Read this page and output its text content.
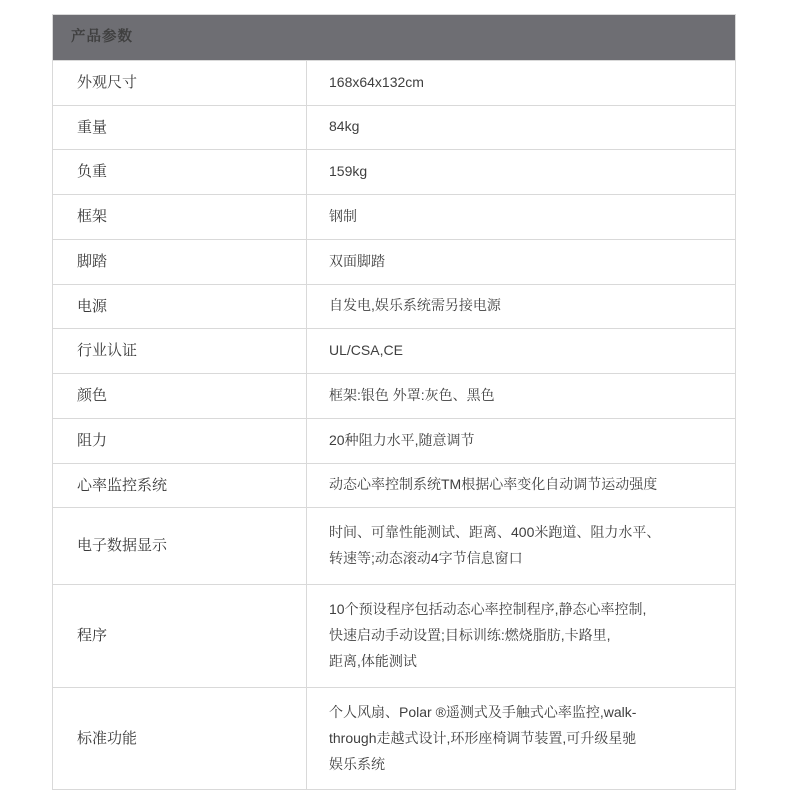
产品参数	
外观尺寸	168x64x132cm

重量	84kg

负重	159kg

框架	钢制

脚踏	双面脚踏

电源	自发电,娱乐系统需另接电源

行业认证	UL/CSA,CE

颜色	框架:银色 外罩:灰色、黑色

阻力	20种阻力水平,随意调节

心率监控系统	动态心率控制系统TM根据心率变化自动调节运动强度

电子数据显示	时间、可靠性能测试、距离、400米跑道、阻力水平、
转速等;动态滚动4字节信息窗口

程序	10个预设程序包括动态心率控制程序,静态心率控制,
快速启动手动设置;目标训练:燃烧脂肪,卡路里,
距离,体能测试

标准功能	个人风扇、Polar ®遥测式及手触式心率监控,walk-
through走越式设计,环形座椅调节装置,可升级星驰
娱乐系统
